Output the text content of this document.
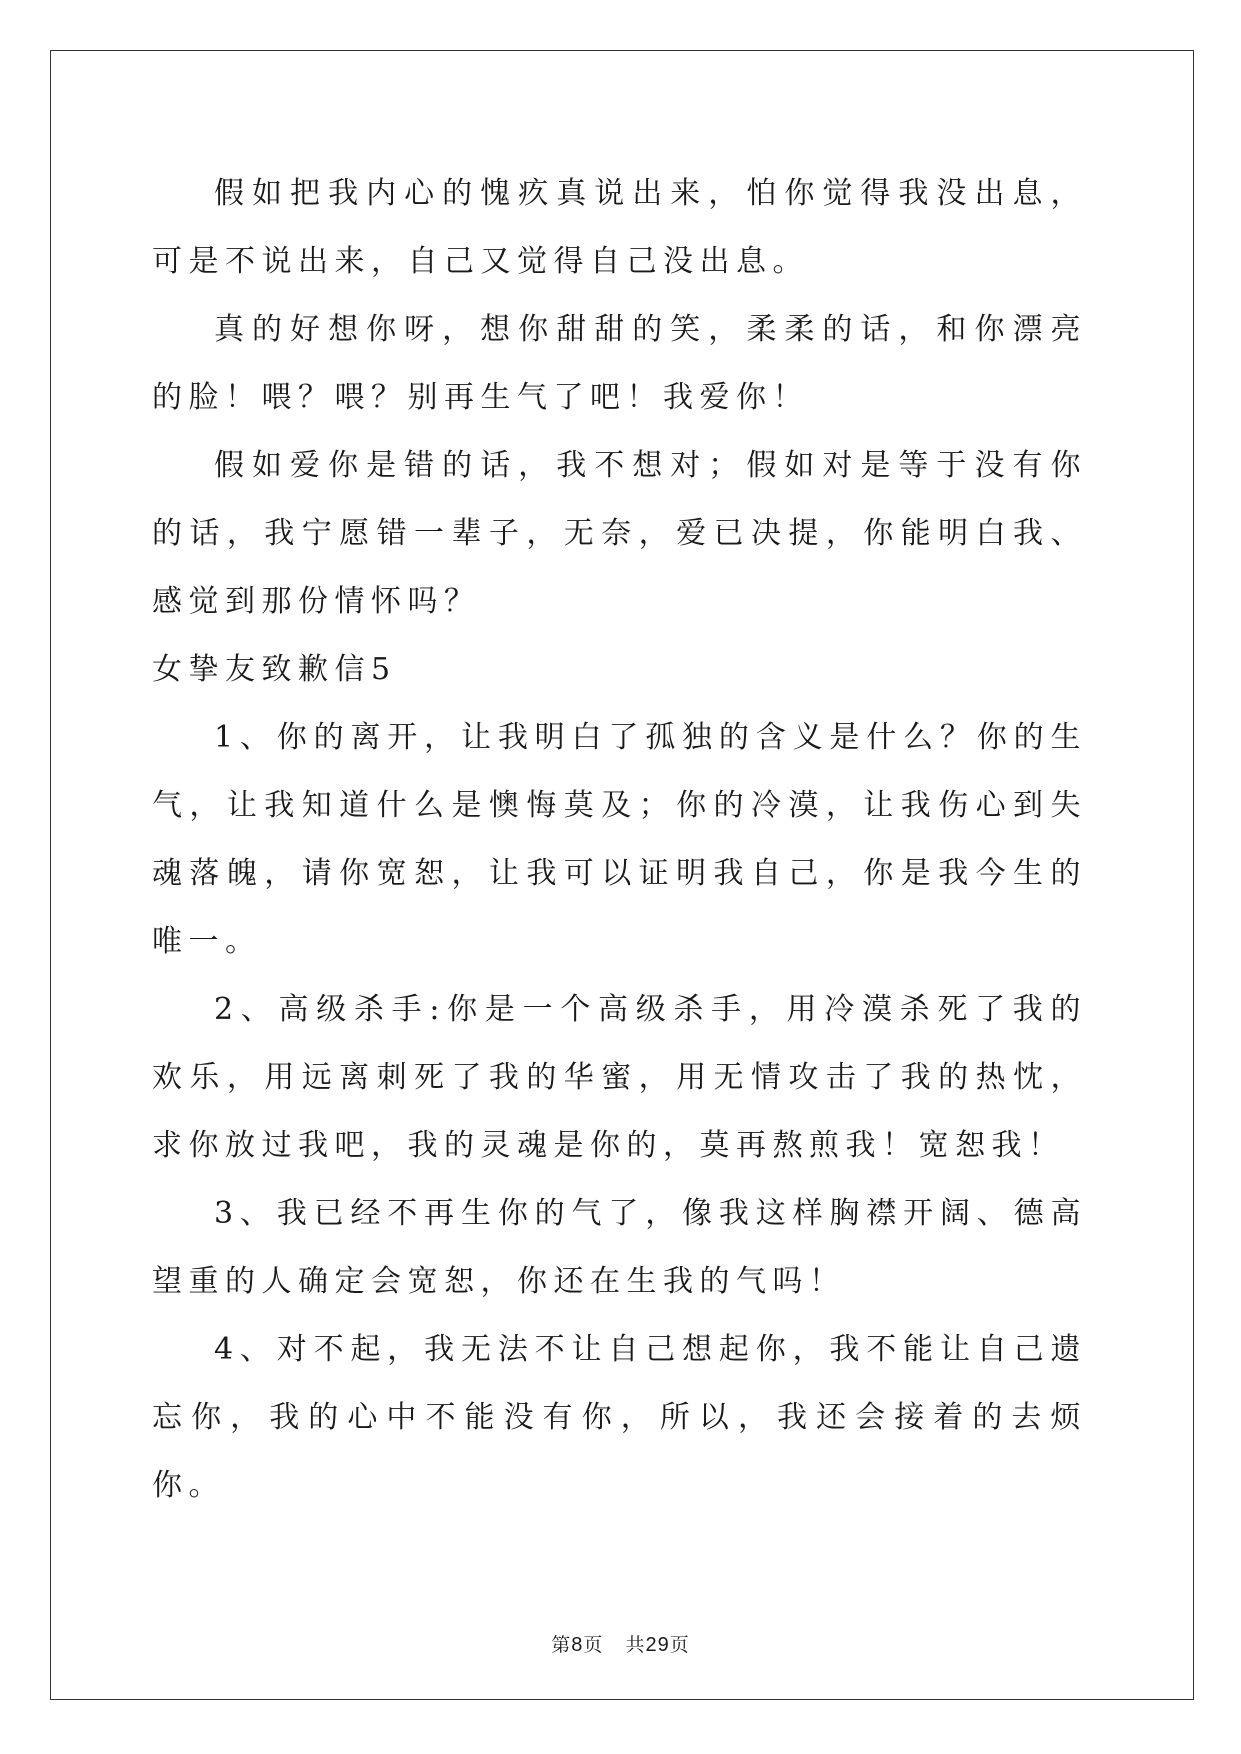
假如把我内心的愧疚真说出来，怕你觉得我没出息，可是不说出来，自己又觉得自己没出息。

真的好想你呀，想你甜甜的笑，柔柔的话，和你漂亮的脸！喂？喂？别再生气了吧！我爱你！

假如爱你是错的话，我不想对；假如对是等于没有你的话，我宁愿错一辈子，无奈，爱已决提，你能明白我、感觉到那份情怀吗？

女挚友致歉信5

1、你的离开，让我明白了孤独的含义是什么？你的生气，让我知道什么是懊悔莫及；你的冷漠，让我伤心到失魂落魄，请你宽恕，让我可以证明我自己，你是我今生的唯一。

2、高级杀手:你是一个高级杀手，用冷漠杀死了我的欢乐，用远离刺死了我的华蜜，用无情攻击了我的热忱，求你放过我吧，我的灵魂是你的，莫再熬煎我！宽恕我！

3、我已经不再生你的气了，像我这样胸襟开阔、德高望重的人确定会宽恕，你还在生我的气吗！

4、对不起，我无法不让自己想起你，我不能让自己遗忘你，我的心中不能没有你，所以，我还会接着的去烦你。

第8页 共29页
